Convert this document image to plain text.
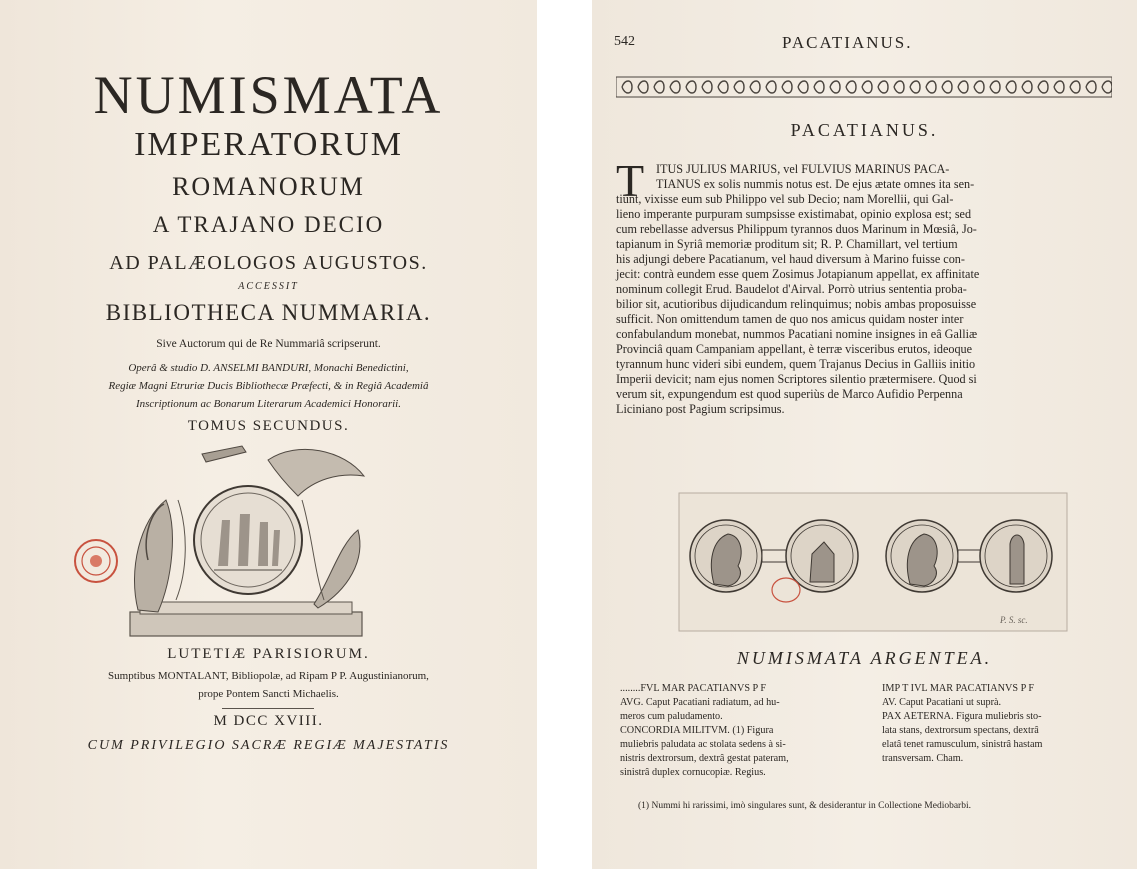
NUMISMATA
IMPERATORUM
ROMANORUM
A TRAJANO DECIO
AD PALÆOLOGOS AUGUSTOS.
ACCESSIT
BIBLIOTHECA NUMMARIA.
Sive Auctorum qui de Re Nummariâ scripserunt.
Operâ & studio D. ANSELMI BANDURI, Monachi Benedictini,
Regiæ Magni Etruriæ Ducis Bibliothecæ Præfecti, & in Regiâ Academiâ
Inscriptionum ac Bonarum Literarum Academici Honorarii.
TOMUS SECUNDUS.
LUTETIÆ PARISIORUM.
Sumptibus MONTALANT, Bibliopolæ, ad Ripam P P. Augustinianorum,
prope Pontem Sancti Michaelis.
M DCC XVIII.
CUM PRIVILEGIO SACRÆ REGIÆ MAJESTATIS
542	PACATIANUS.
PACATIANUS.
T ITUS JULIUS MARIUS, vel FULVIUS MARINUS PACA-
TIANUS ex solis nummis notus est. De ejus ætate omnes ita sen-
tiunt, vixisse eum sub Philippo vel sub Decio; nam Morellii, qui Gal-
lieno imperante purpuram sumpsisse existimabat, opinio explosa est; sed
cum rebellasse adversus Philippum tyrannos duos Marinum in Mœsiâ, Jo-
tapianum in Syriâ memoriæ proditum sit; R. P. Chamillart, vel tertium
his adjungi debere Pacatianum, vel haud diversum à Marino fuisse con-
jecit: contrà eundem esse quem Zosimus Jotapianum appellat, ex affinitate
nominum collegit Erud. Baudelot d'Airval. Porrò utrius sententia proba-
bilior sit, acutioribus dijudicandum relinquimus; nobis ambas proposuisse
sufficit. Non omittendum tamen de quo nos amicus quidam noster inter
confabulandum monebat, nummos Pacatiani nomine insignes in eâ Galliæ
Provinciâ quam Campaniam appellant, è terræ visceribus erutos, ideoque
tyrannum hunc videri sibi eundem, quem Trajanus Decius in Galliis initio
Imperii devicit; nam ejus nomen Scriptores silentio prætermisere. Quod si
verum sit, expungendum est quod superiùs de Marco Aufidio Perpenna
Liciniano post Pagium scripsimus.
P. S. sc.
NUMISMATA ARGENTEA.
........FVL MAR PACATIANVS P F
AVG. Caput Pacatiani radiatum, ad hu-
meros cum paludamento.
CONCORDIA MILITVM. (1) Figura
muliebris paludata ac stolata sedens à si-
nistris dextrorsum, dextrâ gestat pateram,
sinistrâ duplex cornucopiæ. Regius.
IMP T IVL MAR PACATIANVS P F
AV. Caput Pacatiani ut suprà.
PAX AETERNA. Figura muliebris sto-
lata stans, dextrorsum spectans, dextrâ
elatâ tenet ramusculum, sinistrâ hastam
transversam. Cham.
(1) Nummi hi rarissimi, imò singulares sunt, & desiderantur in Collectione Mediobarbi.
